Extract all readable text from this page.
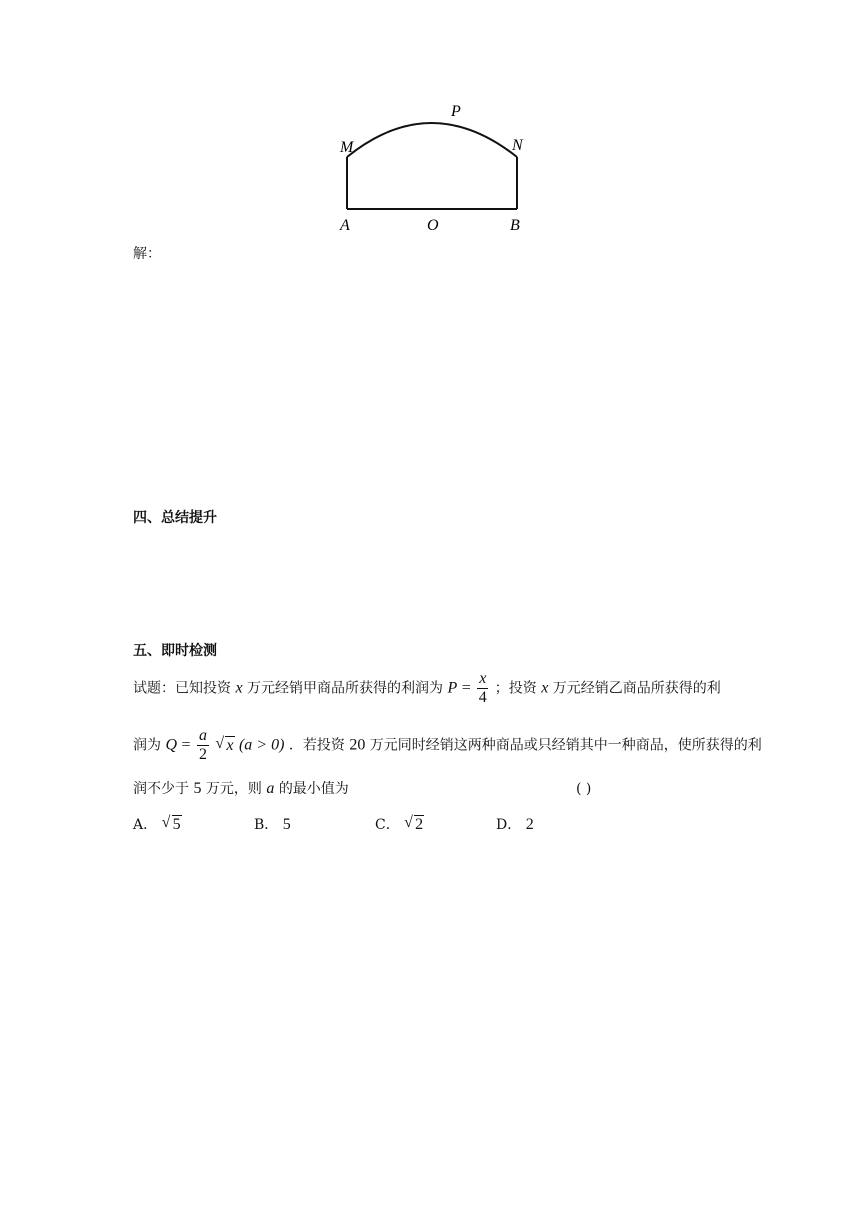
M
P
N
A	O	B
解：
四、总结提升
五、即时检测
试题：已知投资 x 万元经销甲商品所获得的利润为 $P = \frac{x}{4}$ ；投资 x 万元经销乙商品所获得的利
润为 $Q = \frac{a}{2}$
√ x (a > 0) ．若投资 20 万元同时经销这两种商品或只经销其中一种商品，使所获得的利
润不少于 5 万元，则 a 的最小值为	( )
A． √ 5	B． 5	C． √ 2	D． 2
